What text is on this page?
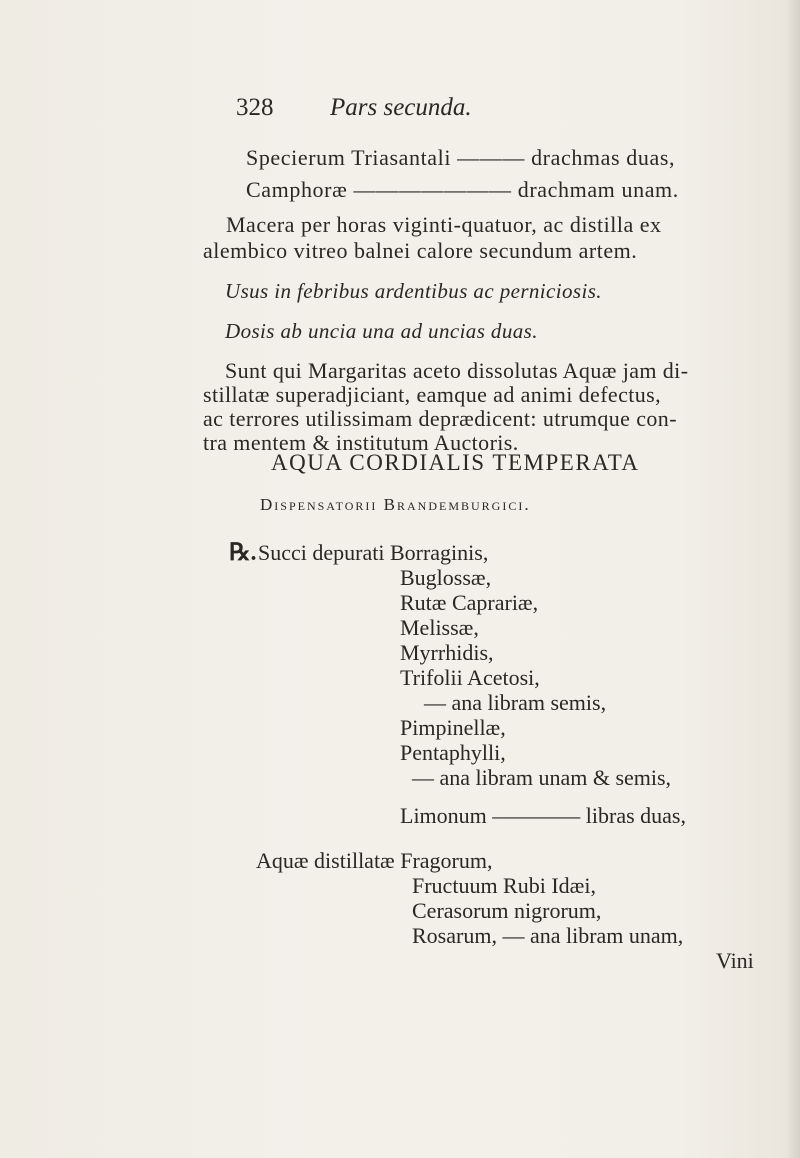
328 Pars secunda.
Specierum Triasantali ——— drachmas duas,
Camphoræ ——————— drachmam unam.
Macera per horas viginti-quatuor, ac distilla ex
alembico vitreo balnei calore secundum artem.
Usus in febribus ardentibus ac perniciosis.
Dosis ab uncia una ad uncias duas.
Sunt qui Margaritas aceto dissolutas Aquæ jam di-
stillatæ superadjiciant, eamque ad animi defectus,
ac terrores utilissimam deprædicent: utrumque con-
tra mentem & institutum Auctoris.
AQUA CORDIALIS TEMPERATA
Dispensatorii Brandemburgici.
℞. Succi depurati Borraginis,
Buglossæ,
Rutæ Caprariæ,
Melissæ,
Myrrhidis,
Trifolii Acetosi,
— ana libram semis,
Pimpinellæ,
Pentaphylli,
— ana libram unam & semis,
Limonum ———— libras duas,
Aquæ distillatæ Fragorum,
Fructuum Rubi Idæi,
Cerasorum nigrorum,
Rosarum, — ana libram unam,
Vini
